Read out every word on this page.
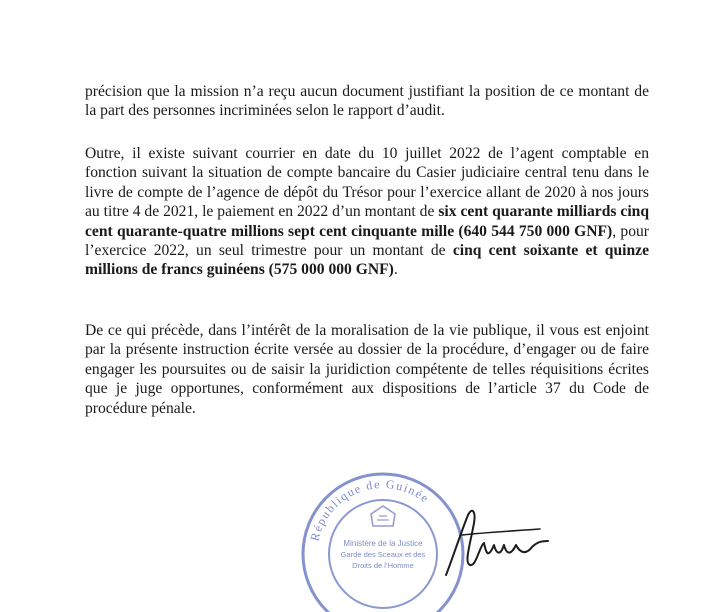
précision que la mission n’a reçu aucun document justifiant la position de ce montant de la part des personnes incriminées selon le rapport d’audit.

Outre, il existe suivant courrier en date du 10 juillet 2022 de l’agent comptable en fonction suivant la situation de compte bancaire du Casier judiciaire central tenu dans le livre de compte de l’agence de dépôt du Trésor pour l’exercice allant de 2020 à nos jours au titre 4 de 2021, le paiement en 2022 d’un montant de six cent quarante milliards cinq cent quarante-quatre millions sept cent cinquante mille (640 544 750 000 GNF), pour l’exercice 2022, un seul trimestre pour un montant de cinq cent soixante et quinze millions de francs guinéens (575 000 000 GNF).

De ce qui précède, dans l’intérêt de la moralisation de la vie publique, il vous est enjoint par la présente instruction écrite versée au dossier de la procédure, d’engager ou de faire engager les poursuites ou de saisir la juridiction compétente de telles réquisitions écrites que je juge opportunes, conformément aux dispositions de l’article 37 du Code de procédure pénale.

République de Guinée
Ministère de la Justice
Garde des Sceaux et des
Droits de l’Homme
